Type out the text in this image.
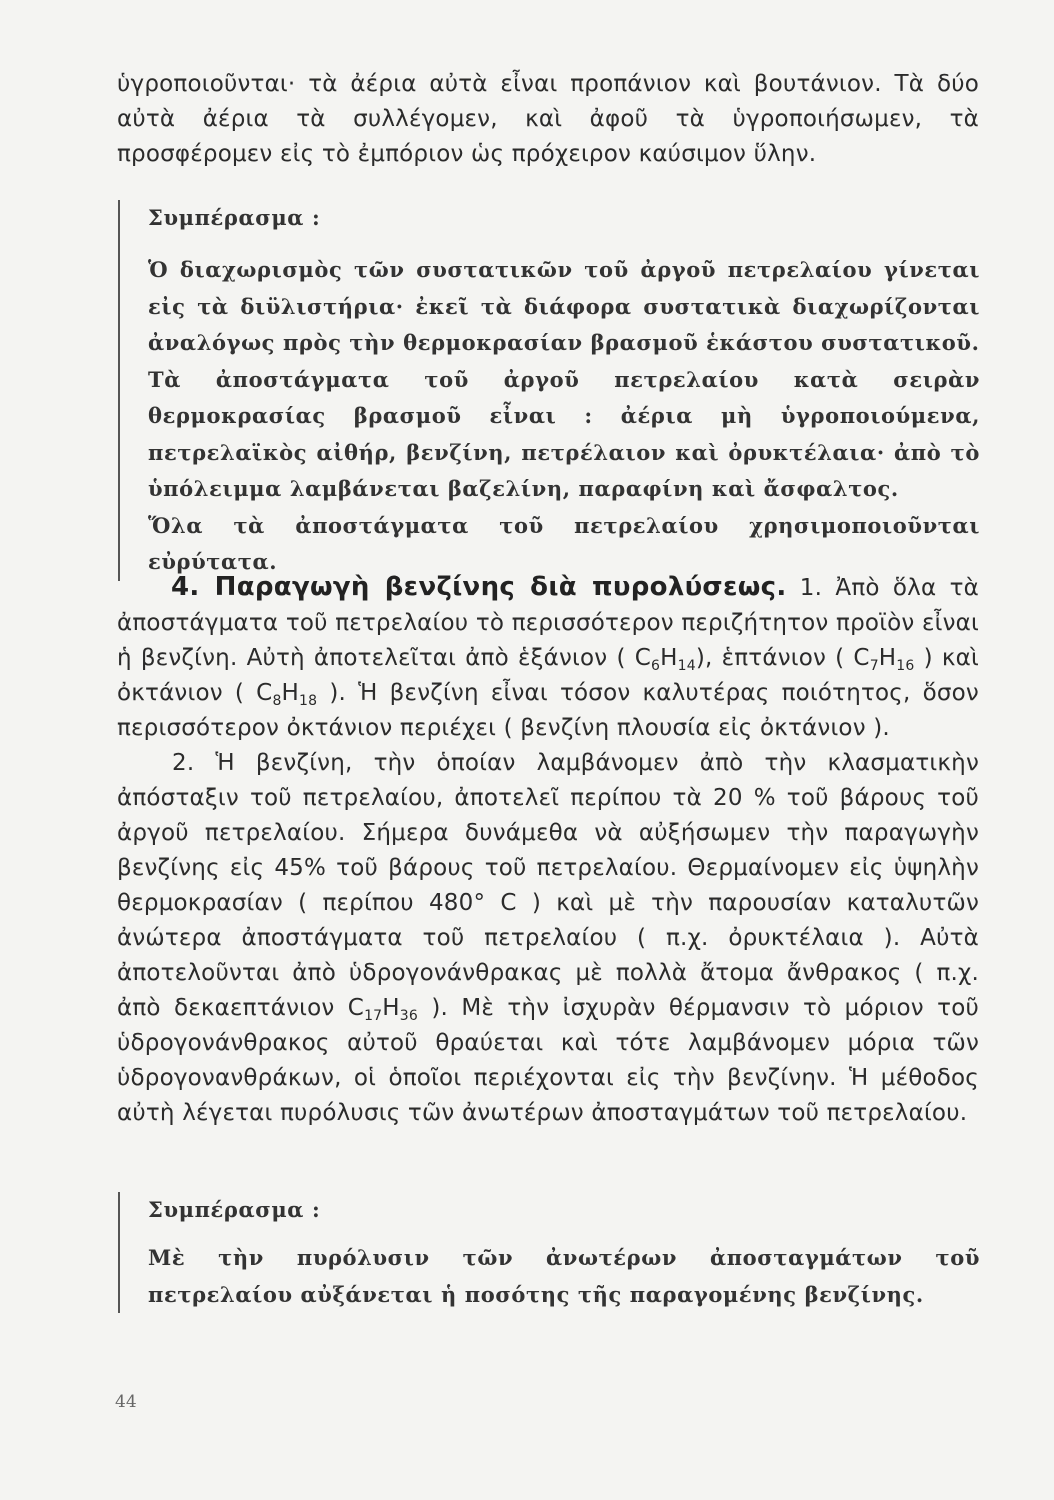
ὑγροποιοῦνται· τὰ ἀέρια αὐτὰ εἶναι προπάνιον καὶ βουτάνιον. Τὰ δύο αὐτὰ ἀέρια τὰ συλλέγομεν, καὶ ἀφοῦ τὰ ὑγροποιήσωμεν, τὰ προσφέρομεν εἰς τὸ ἐμπόριον ὡς πρόχειρον καύσιμον ὕλην.

Συμπέρασμα :

Ὁ διαχωρισμὸς τῶν συστατικῶν τοῦ ἀργοῦ πετρελαίου γίνεται εἰς τὰ διϋλιστήρια· ἐκεῖ τὰ διάφορα συστατικὰ διαχωρίζονται ἀναλόγως πρὸς τὴν θερμοκρασίαν βρασμοῦ ἑκάστου συστατικοῦ.

Τὰ ἀποστάγματα τοῦ ἀργοῦ πετρελαίου κατὰ σειρὰν θερμοκρασίας βρασμοῦ εἶναι : ἀέρια μὴ ὑγροποιούμενα, πετρελαϊκὸς αἰθήρ, βενζίνη, πετρέλαιον καὶ ὀρυκτέλαια· ἀπὸ τὸ ὑπόλειμμα λαμβάνεται βαζελίνη, παραφίνη καὶ ἄσφαλτος.

Ὅλα τὰ ἀποστάγματα τοῦ πετρελαίου χρησιμοποιοῦνται εὐρύτατα.

4. Παραγωγὴ βενζίνης διὰ πυρολύσεως. 1. Ἀπὸ ὅλα τὰ ἀποστάγματα τοῦ πετρελαίου τὸ περισσότερον περιζήτητον προϊὸν εἶναι ἡ βενζίνη. Αὐτὴ ἀποτελεῖται ἀπὸ ἑξάνιον ( $C_6H_{14}$), ἑπτάνιον ( $C_7H_{16}$ ) καὶ ὀκτάνιον ( $C_8H_{18}$ ). Ἡ βενζίνη εἶναι τόσον καλυτέρας ποιότητος, ὅσον περισσότερον ὀκτάνιον περιέχει ( βενζίνη πλουσία εἰς ὀκτάνιον ).

2. Ἡ βενζίνη, τὴν ὁποίαν λαμβάνομεν ἀπὸ τὴν κλασματικὴν ἀπόσταξιν τοῦ πετρελαίου, ἀποτελεῖ περίπου τὰ 20 % τοῦ βάρους τοῦ ἀργοῦ πετρελαίου. Σήμερα δυνάμεθα νὰ αὐξήσωμεν τὴν παραγωγὴν βενζίνης εἰς 45% τοῦ βάρους τοῦ πετρελαίου. Θερμαίνομεν εἰς ὑψηλὴν θερμοκρασίαν ( περίπου 480° C ) καὶ μὲ τὴν παρουσίαν καταλυτῶν ἀνώτερα ἀποστάγματα τοῦ πετρελαίου ( π.χ. ὀρυκτέλαια ). Αὐτὰ ἀποτελοῦνται ἀπὸ ὑδρογονάνθρακας μὲ πολλὰ ἄτομα ἄνθρακος ( π.χ. ἀπὸ δεκαεπτάνιον $C_{17}H_{36}$ ). Μὲ τὴν ἰσχυρὰν θέρμανσιν τὸ μόριον τοῦ ὑδρογονάνθρακος αὐτοῦ θραύεται καὶ τότε λαμβάνομεν μόρια τῶν ὑδρογονανθράκων, οἱ ὁποῖοι περιέχονται εἰς τὴν βενζίνην. Ἡ μέθοδος αὐτὴ λέγεται πυρόλυσις τῶν ἀνωτέρων ἀποσταγμάτων τοῦ πετρελαίου.

Συμπέρασμα :

Μὲ τὴν πυρόλυσιν τῶν ἀνωτέρων ἀποσταγμάτων τοῦ πετρελαίου αὐξάνεται ἡ ποσότης τῆς παραγομένης βενζίνης.

44
